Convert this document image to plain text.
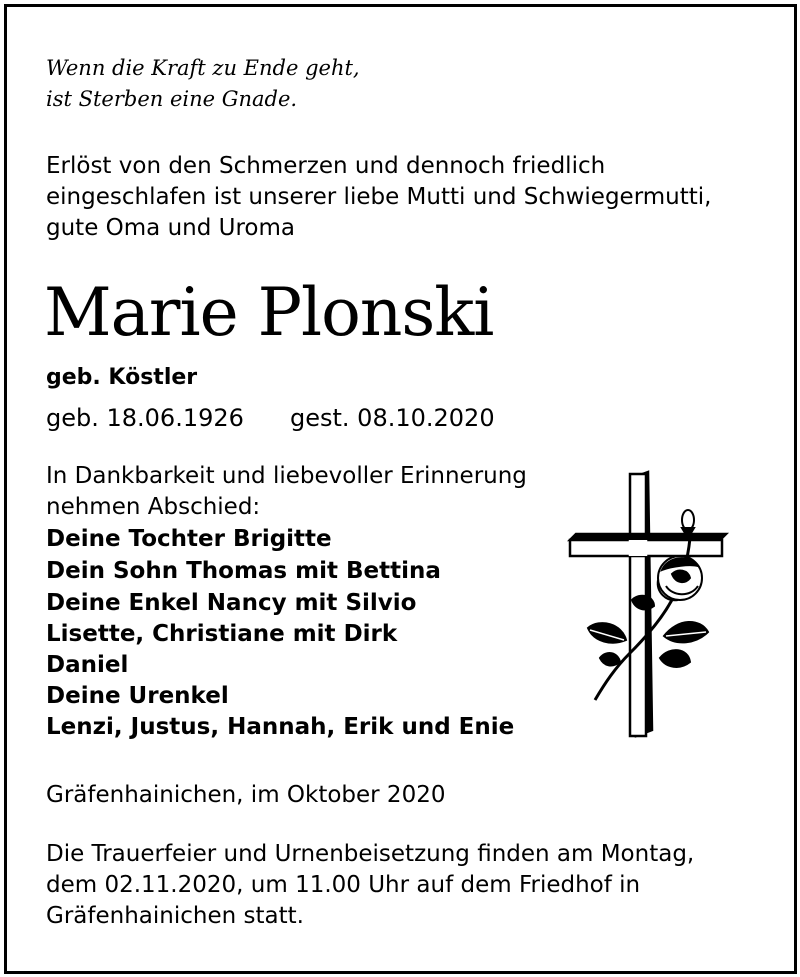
Wenn die Kraft zu Ende geht,

ist Sterben eine Gnade.

Erlöst von den Schmerzen und dennoch friedlich

eingeschlafen ist unserer liebe Mutti und Schwiegermutti,

gute Oma und Uroma

Marie Plonski

geb. Köstler

geb. 18.06.1926 gest. 08.10.2020

In Dankbarkeit und liebevoller Erinnerung

nehmen Abschied:

Deine Tochter Brigitte

Dein Sohn Thomas mit Bettina

Deine Enkel Nancy mit Silvio

Lisette, Christiane mit Dirk

Daniel

Deine Urenkel

Lenzi, Justus, Hannah, Erik und Enie

Gräfenhainichen, im Oktober 2020

Die Trauerfeier und Urnenbeisetzung finden am Montag,

dem 02.11.2020, um 11.00 Uhr auf dem Friedhof in

Gräfenhainichen statt.
